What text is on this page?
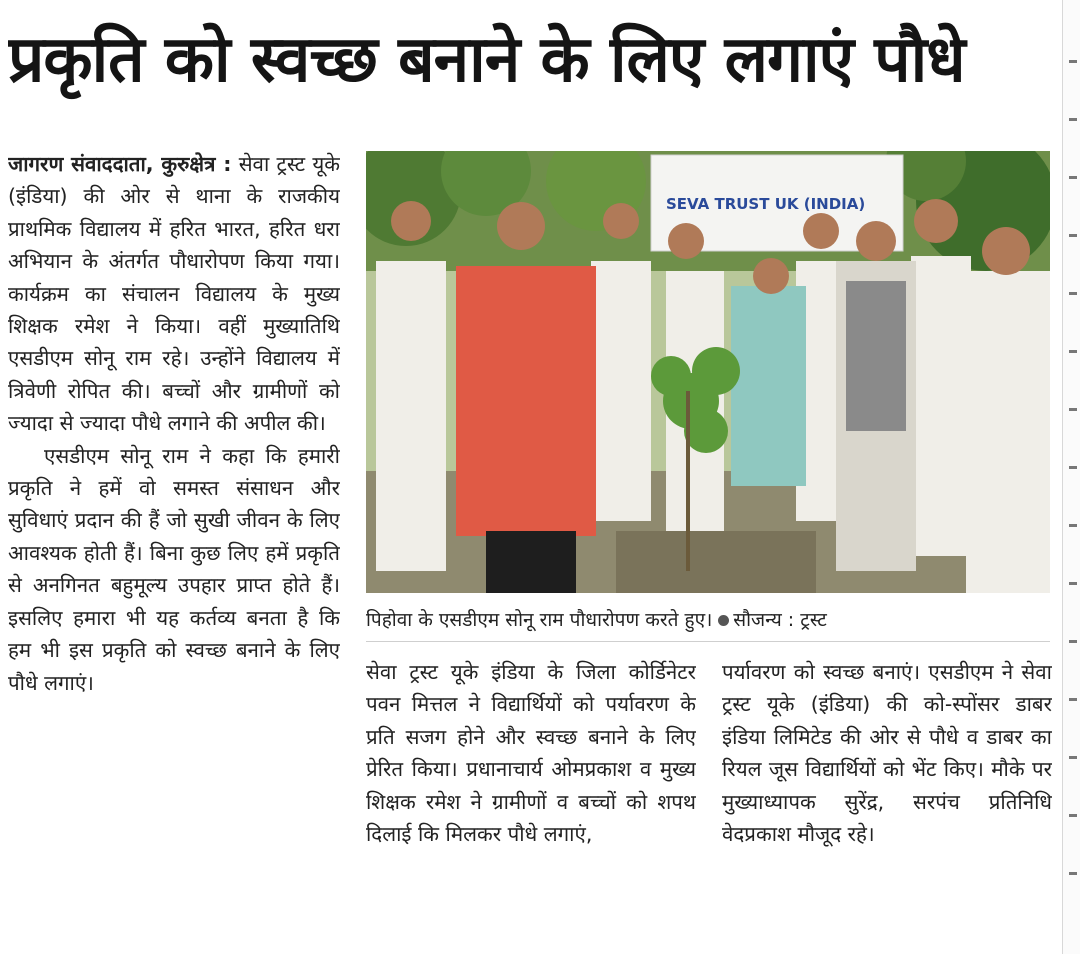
प्रकृति को स्वच्छ बनाने के लिए लगाएं पौधे

जागरण संवाददाता, कुरुक्षेत्र : सेवा ट्रस्ट यूके (इंडिया) की ओर से थाना के राजकीय प्राथमिक विद्यालय में हरित भारत, हरित धरा अभियान के अंतर्गत पौधारोपण किया गया। कार्यक्रम का संचालन विद्यालय के मुख्य शिक्षक रमेश ने किया। वहीं मुख्यातिथि एसडीएम सोनू राम रहे। उन्होंने विद्यालय में त्रिवेणी रोपित की। बच्चों और ग्रामीणों को ज्यादा से ज्यादा पौधे लगाने की अपील की।

एसडीएम सोनू राम ने कहा कि हमारी प्रकृति ने हमें वो समस्त संसाधन और सुविधाएं प्रदान की हैं जो सुखी जीवन के लिए आवश्यक होती हैं। बिना कुछ लिए हमें प्रकृति से अनगिनत बहुमूल्य उपहार प्राप्त होते हैं। इसलिए हमारा भी यह कर्तव्य बनता है कि हम भी इस प्रकृति को स्वच्छ बनाने के लिए पौधे लगाएं।

SEVA TRUST UK (INDIA)
पिहोवा के एसडीएम सोनू राम पौधारोपण करते हुए। सौजन्य : ट्रस्ट

सेवा ट्रस्ट यूके इंडिया के जिला कोर्डिनेटर पवन मित्तल ने विद्यार्थियों को पर्यावरण के प्रति सजग होने और स्वच्छ बनाने के लिए प्रेरित किया। प्रधानाचार्य ओमप्रकाश व मुख्य शिक्षक रमेश ने ग्रामीणों व बच्चों को शपथ दिलाई कि मिलकर पौधे लगाएं,

पर्यावरण को स्वच्छ बनाएं। एसडीएम ने सेवा ट्रस्ट यूके (इंडिया) की को-स्पोंसर डाबर इंडिया लिमिटेड की ओर से पौधे व डाबर का रियल जूस विद्यार्थियों को भेंट किए। मौके पर मुख्याध्यापक सुरेंद्र, सरपंच प्रतिनिधि वेदप्रकाश मौजूद रहे।
